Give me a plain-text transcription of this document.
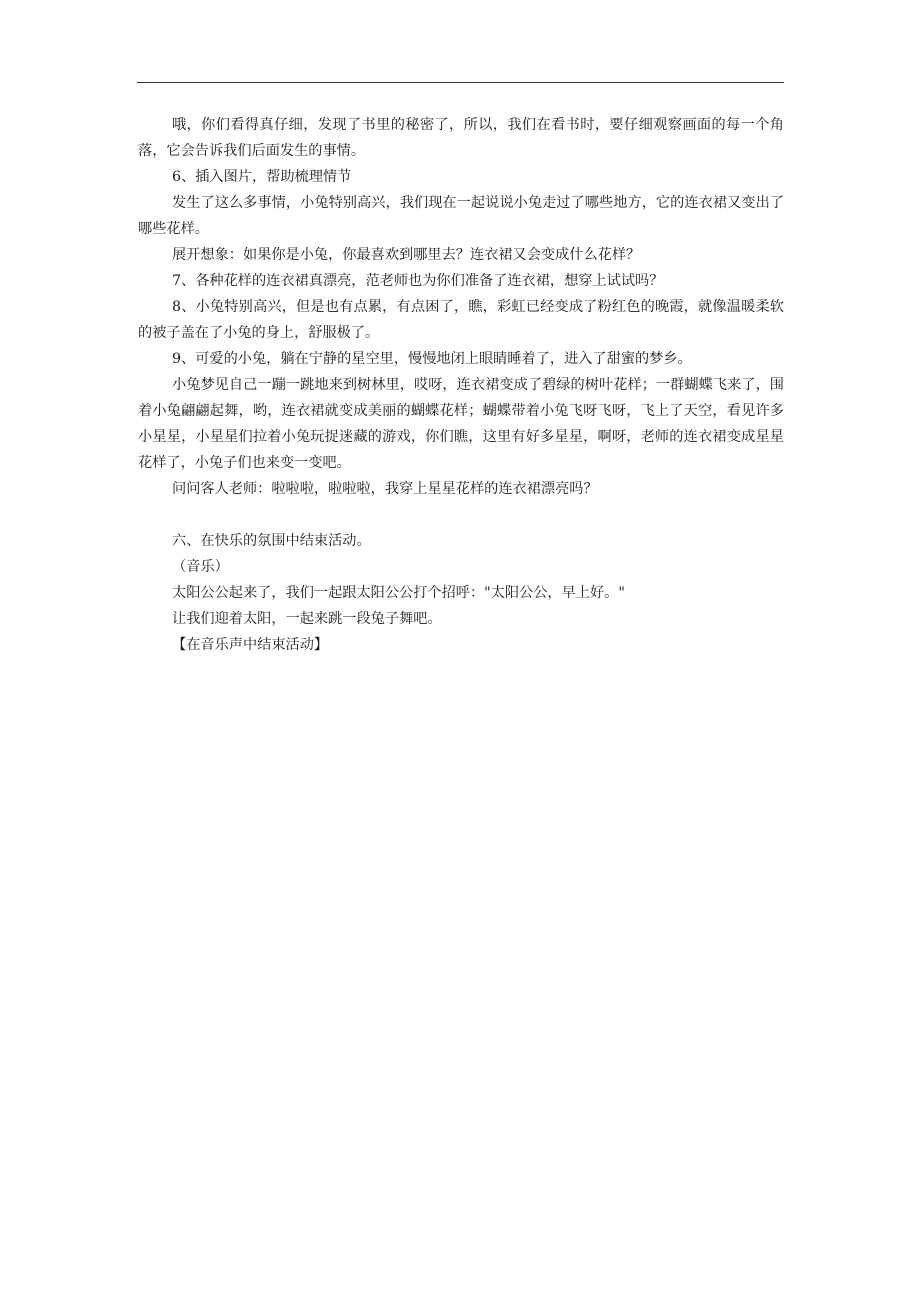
哦，你们看得真仔细，发现了书里的秘密了，所以，我们在看书时，要仔细观察画面的每一个角落，它会告诉我们后面发生的事情。

6、插入图片，帮助梳理情节

发生了这么多事情，小兔特别高兴，我们现在一起说说小兔走过了哪些地方，它的连衣裙又变出了哪些花样。

展开想象：如果你是小兔，你最喜欢到哪里去？连衣裙又会变成什么花样？

7、各种花样的连衣裙真漂亮，范老师也为你们准备了连衣裙，想穿上试试吗？

8、小兔特别高兴，但是也有点累，有点困了，瞧，彩虹已经变成了粉红色的晚霞，就像温暖柔软的被子盖在了小兔的身上，舒服极了。

9、可爱的小兔，躺在宁静的星空里，慢慢地闭上眼睛睡着了，进入了甜蜜的梦乡。

小兔梦见自己一蹦一跳地来到树林里，哎呀，连衣裙变成了碧绿的树叶花样；一群蝴蝶飞来了，围着小兔翩翩起舞，哟，连衣裙就变成美丽的蝴蝶花样；蝴蝶带着小兔飞呀飞呀，飞上了天空，看见许多小星星，小星星们拉着小兔玩捉迷藏的游戏，你们瞧，这里有好多星星，啊呀，老师的连衣裙变成星星花样了，小兔子们也来变一变吧。

问问客人老师：啦啦啦，啦啦啦，我穿上星星花样的连衣裙漂亮吗？

六、在快乐的氛围中结束活动。

（音乐）

太阳公公起来了，我们一起跟太阳公公打个招呼："太阳公公，早上好。"

让我们迎着太阳，一起来跳一段兔子舞吧。

【在音乐声中结束活动】
